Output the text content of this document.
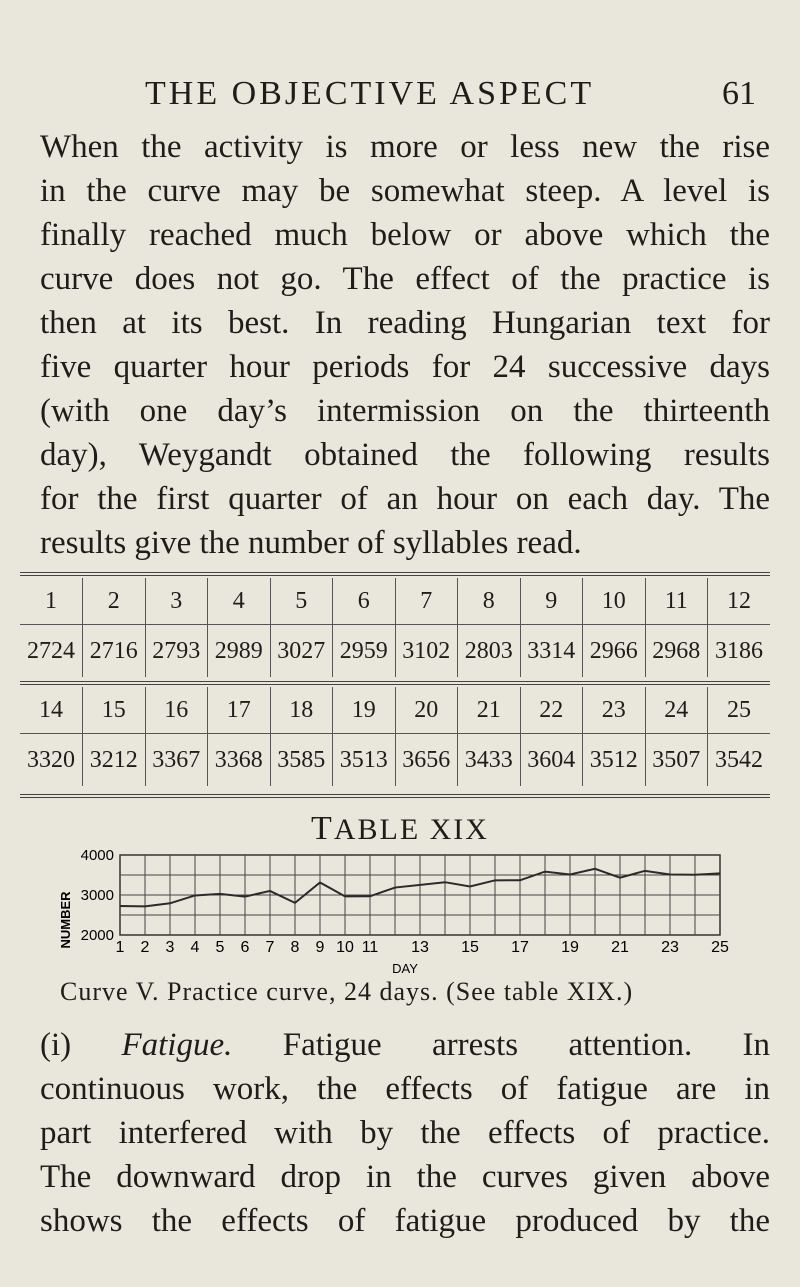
THE OBJECTIVE ASPECT	61
When the activity is more or less new the rise
in the curve may be somewhat steep. A level is
finally reached much below or above which the
curve does not go. The effect of the practice is
then at its best. In reading Hungarian text for
five quarter hour periods for 24 successive days
(with one day’s intermission on the thirteenth
day), Weygandt obtained the following results
for the first quarter of an hour on each day. The
results give the number of syllables read.
1	2	3	4	5	6	7	8	9	10	11	12
2724	2716	2793	2989	3027	2959	3102	2803	3314	2966	2968	3186
14	15	16	17	18	19	20	21	22	23	24	25
3320	3212	3367	3368	3585	3513	3656	3433	3604	3512	3507	3542
TABLE XIX
2000
3000
4000
1 2 3 4 5 6 7 8 9 10 11 13 15 17 19 21 23 25
NUMBER
DAY
Curve V. Practice curve, 24 days. (See table XIX.)
(i) Fatigue. Fatigue arrests attention. In
continuous work, the effects of fatigue are in
part interfered with by the effects of practice.
The downward drop in the curves given above
shows the effects of fatigue produced by the
